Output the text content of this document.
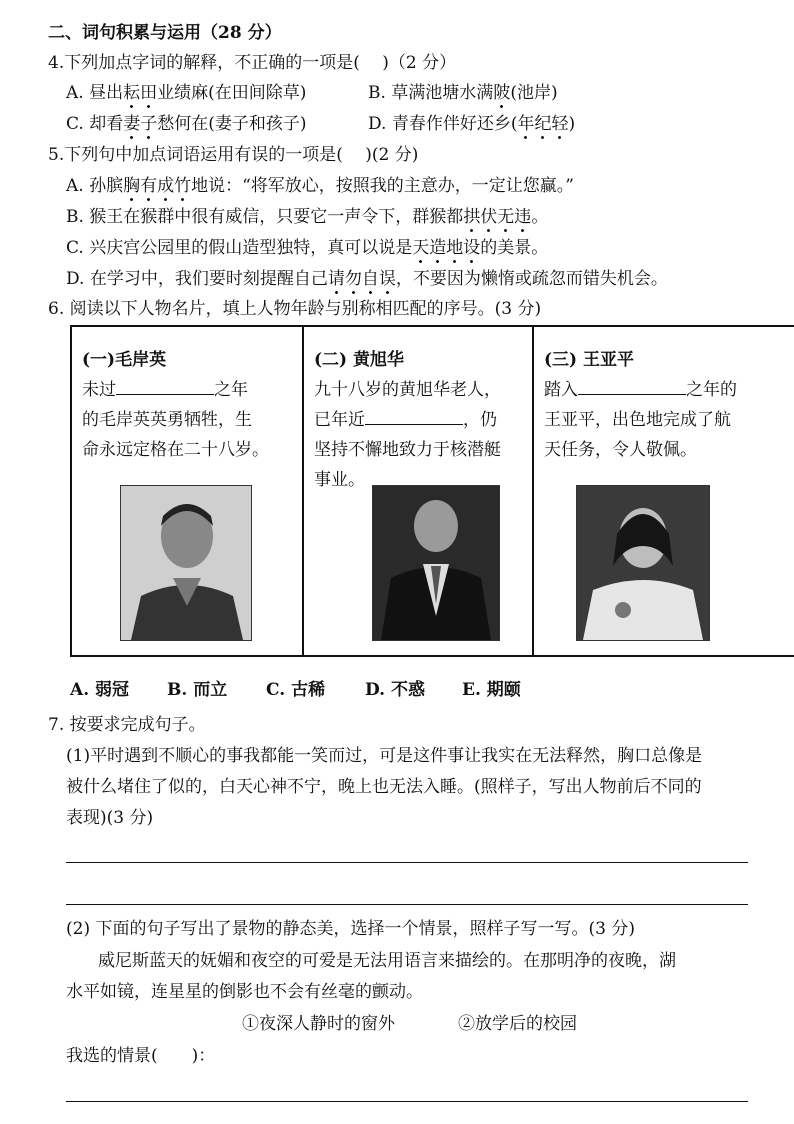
二、词句积累与运用（28 分）
4.下列加点字词的解释，不正确的一项是(　 )（2 分）
A. 昼出耘田业绩麻(在田间除草)	B. 草满池塘水满陂(池岸)
C. 却看妻子愁何在(妻子和孩子)	D. 青春作伴好还乡(年纪轻)
5.下列句中加点词语运用有误的一项是(　 )(2 分)
A. 孙膑胸有成竹地说：“将军放心，按照我的主意办，一定让您赢。”
B. 猴王在猴群中很有威信，只要它一声令下，群猴都拱伏无违。
C. 兴庆宫公园里的假山造型独特，真可以说是天造地设的美景。
D. 在学习中，我们要时刻提醒自己请勿自误，不要因为懒惰或疏忽而错失机会。
6. 阅读以下人物名片，填上人物年龄与别称相匹配的序号。(3 分)
(一)毛岸英
未过	之年
的毛岸英英勇牺牲，生
命永远定格在二十八岁。
(二) 黄旭华
九十八岁的黄旭华老人，
已年近	，仍
坚持不懈地致力于核潜艇
事业。
(三) 王亚平
踏入	之年的
王亚平，出色地完成了航
天任务，令人敬佩。
A. 弱冠 B. 而立 C. 古稀 D. 不惑 E. 期颐
7. 按要求完成句子。
(1)平时遇到不顺心的事我都能一笑而过，可是这件事让我实在无法释然，胸口总像是
被什么堵住了似的，白天心神不宁，晚上也无法入睡。(照样子，写出人物前后不同的
表现)(3 分)
(2) 下面的句子写出了景物的静态美，选择一个情景，照样子写一写。(3 分)
威尼斯蓝天的妩媚和夜空的可爱是无法用语言来描绘的。在那明净的夜晚，湖
水平如镜，连星星的倒影也不会有丝毫的颤动。
①夜深人静时的窗外	②放学后的校园
我选的情景(　　)：
